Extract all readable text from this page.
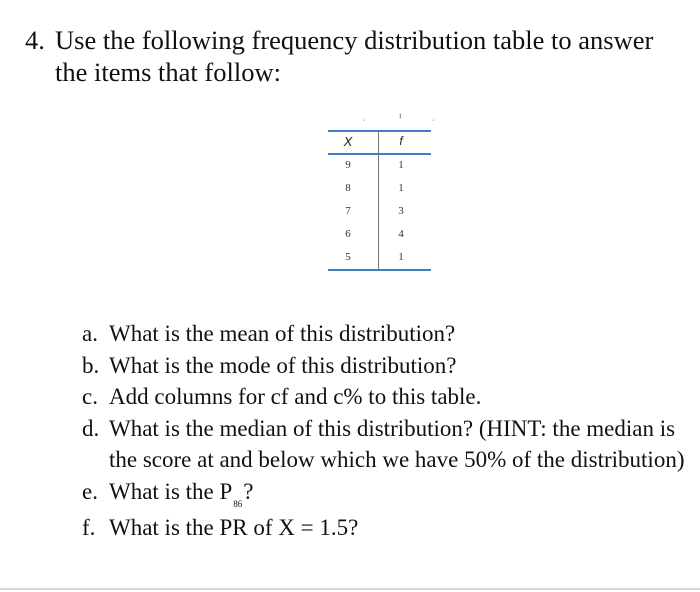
4. Use the following frequency distribution table to answer
the items that follow:
ͺ	ı	ͺ
X	f
9	1
8	1
7	3
6	4
5	1
a. What is the mean of this distribution?
b. What is the mode of this distribution?
c. Add columns for cf and c% to this table.
d. What is the median of this distribution? (HINT: the median is the score at and below which we have 50% of the distribution)
e. What is the $P_{86}$?
f. What is the PR of X = 1.5?
